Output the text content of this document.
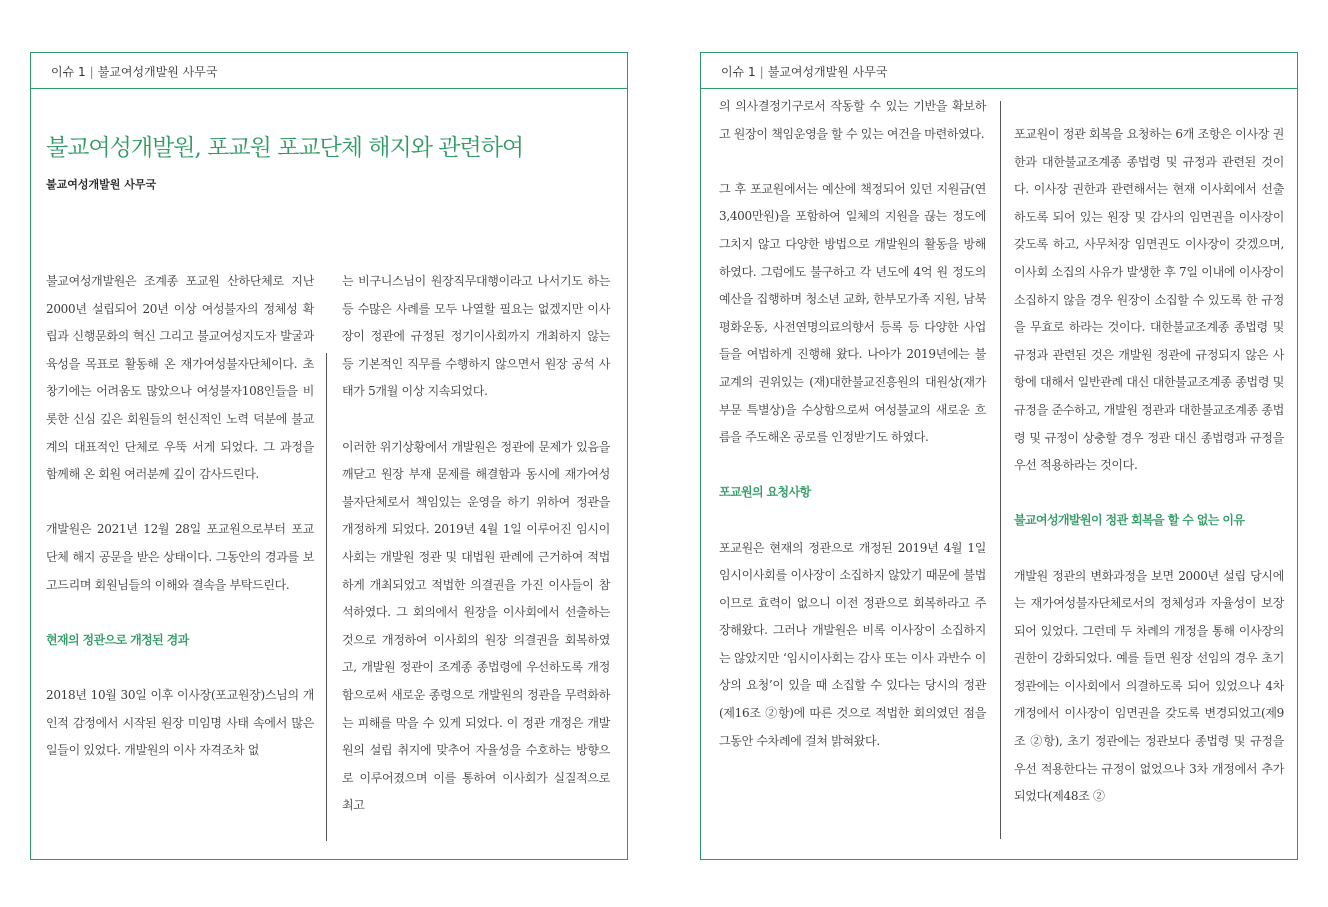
이슈 1 | 불교여성개발원 사무국
불교여성개발원, 포교원 포교단체 해지와 관련하여
불교여성개발원 사무국

불교여성개발원은 조계종 포교원 산하단체로 지난 2000년 설립되어 20년 이상 여성불자의 정체성 확립과 신행문화의 혁신 그리고 불교여성지도자 발굴과 육성을 목표로 활동해 온 재가여성불자단체이다. 초창기에는 어려움도 많았으나 여성불자108인들을 비롯한 신심 깊은 회원들의 헌신적인 노력 덕분에 불교계의 대표적인 단체로 우뚝 서게 되었다. 그 과정을 함께해 온 회원 여러분께 깊이 감사드린다.

개발원은 2021년 12월 28일 포교원으로부터 포교단체 해지 공문을 받은 상태이다. 그동안의 경과를 보고드리며 회원님들의 이해와 결속을 부탁드린다.

현재의 정관으로 개정된 경과

2018년 10월 30일 이후 이사장(포교원장)스님의 개인적 감정에서 시작된 원장 미임명 사태 속에서 많은 일들이 있었다. 개발원의 이사 자격조차 없

는 비구니스님이 원장직무대행이라고 나서기도 하는 등 수많은 사례를 모두 나열할 필요는 없겠지만 이사장이 정관에 규정된 정기이사회까지 개최하지 않는 등 기본적인 직무를 수행하지 않으면서 원장 공석 사태가 5개월 이상 지속되었다.

이러한 위기상황에서 개발원은 정관에 문제가 있음을 깨닫고 원장 부재 문제를 해결함과 동시에 재가여성불자단체로서 책임있는 운영을 하기 위하여 정관을 개정하게 되었다. 2019년 4월 1일 이루어진 임시이사회는 개발원 정관 및 대법원 판례에 근거하여 적법하게 개최되었고 적법한 의결권을 가진 이사들이 참석하였다. 그 회의에서 원장을 이사회에서 선출하는 것으로 개정하여 이사회의 원장 의결권을 회복하였고, 개발원 정관이 조계종 종법령에 우선하도록 개정함으로써 새로운 종령으로 개발원의 정관을 무력화하는 피해를 막을 수 있게 되었다. 이 정관 개정은 개발원의 설립 취지에 맞추어 자율성을 수호하는 방향으로 이루어졌으며 이를 통하여 이사회가 실질적으로 최고

이슈 1 | 불교여성개발원 사무국

의 의사결정기구로서 작동할 수 있는 기반을 확보하고 원장이 책임운영을 할 수 있는 여건을 마련하였다.

그 후 포교원에서는 예산에 책정되어 있던 지원금(연 3,400만원)을 포함하여 일체의 지원을 끊는 정도에 그치지 않고 다양한 방법으로 개발원의 활동을 방해하였다. 그럼에도 불구하고 각 년도에 4억 원 정도의 예산을 집행하며 청소년 교화, 한부모가족 지원, 남북평화운동, 사전연명의료의향서 등록 등 다양한 사업들을 여법하게 진행해 왔다. 나아가 2019년에는 불교계의 권위있는 (재)대한불교진흥원의 대원상(재가부문 특별상)을 수상함으로써 여성불교의 새로운 흐름을 주도해온 공로를 인정받기도 하였다.

포교원의 요청사항

포교원은 현재의 정관으로 개정된 2019년 4월 1일 임시이사회를 이사장이 소집하지 않았기 때문에 불법이므로 효력이 없으니 이전 정관으로 회복하라고 주장해왔다. 그러나 개발원은 비록 이사장이 소집하지는 않았지만 ‘임시이사회는 감사 또는 이사 과반수 이상의 요청’이 있을 때 소집할 수 있다는 당시의 정관(제16조 ②항)에 따른 것으로 적법한 회의였던 점을 그동안 수차례에 걸쳐 밝혀왔다.

포교원이 정관 회복을 요청하는 6개 조항은 이사장 권한과 대한불교조계종 종법령 및 규정과 관련된 것이다. 이사장 권한과 관련해서는 현재 이사회에서 선출하도록 되어 있는 원장 및 감사의 임면권을 이사장이 갖도록 하고, 사무처장 임면권도 이사장이 갖겠으며, 이사회 소집의 사유가 발생한 후 7일 이내에 이사장이 소집하지 않을 경우 원장이 소집할 수 있도록 한 규정을 무효로 하라는 것이다. 대한불교조계종 종법령 및 규정과 관련된 것은 개발원 정관에 규정되지 않은 사항에 대해서 일반관례 대신 대한불교조계종 종법령 및 규정을 준수하고, 개발원 정관과 대한불교조계종 종법령 및 규정이 상충할 경우 정관 대신 종법령과 규정을 우선 적용하라는 것이다.

불교여성개발원이 정관 회복을 할 수 없는 이유

개발원 정관의 변화과정을 보면 2000년 설립 당시에는 재가여성불자단체로서의 정체성과 자율성이 보장되어 있었다. 그런데 두 차례의 개정을 통해 이사장의 권한이 강화되었다. 예를 들면 원장 선임의 경우 초기 정관에는 이사회에서 의결하도록 되어 있었으나 4차 개정에서 이사장이 임면권을 갖도록 변경되었고(제9조 ②항), 초기 정관에는 정관보다 종법령 및 규정을 우선 적용한다는 규정이 없었으나 3차 개정에서 추가되었다(제48조 ②
